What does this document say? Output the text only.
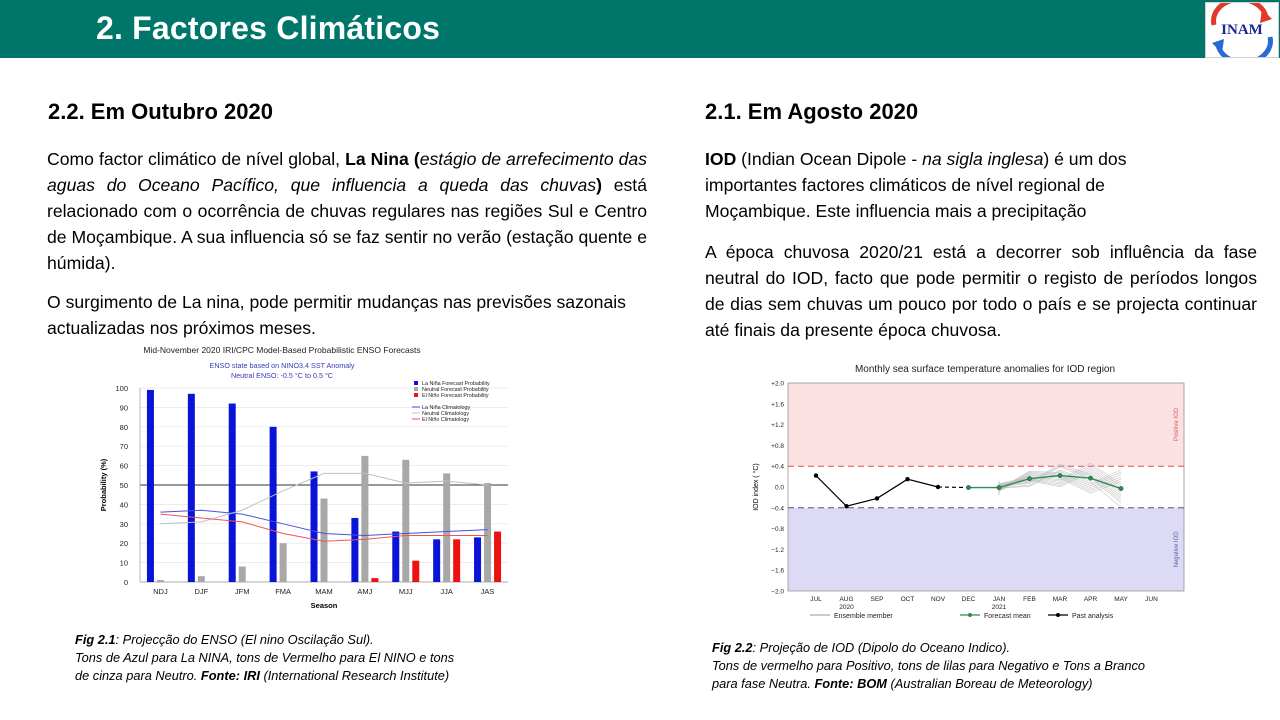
2. Factores Climáticos	INAM
2.2. Em Outubro 2020
Como factor climático de nível global, La Nina (estágio de arrefecimento das aguas do Oceano Pacífico, que influencia a queda das chuvas) está relacionado com o ocorrência de chuvas regulares nas regiões Sul e Centro de Moçambique. A sua influencia só se faz sentir no verão (estação quente e húmida).
O surgimento de La nina, pode permitir mudanças nas previsões sazonais actualizadas nos próximos meses.
Mid-November 2020 IRI/CPC Model-Based Probabilistic ENSO Forecasts
ENSO state based on NINO3.4 SST Anomaly
Neutral ENSO: -0.5 °C to 0.5 °C
0
10
20
30
40
50
60
70
80
90
100
Probability (%)
NDJ	DJF	JFM	FMA	MAM	AMJ	MJJ	JJA	JAS
Season
La Niña Forecast Probability
Neutral Forecast Probability
El Niño Forecast Probability
La Niña Climatology
Neutral Climatology
El Niño Climatology
Fig 2.1: Projecção do ENSO (El nino Oscilação Sul).
Tons de Azul para La NINA, tons de Vermelho para El NINO e tons
de cinza para Neutro. Fonte: IRI (International Research Institute)
2.1. Em Agosto 2020
IOD (Indian Ocean Dipole - na sigla inglesa) é um dos importantes factores climáticos de nível regional de Moçambique. Este influencia mais a precipitação
A época chuvosa 2020/21 está a decorrer sob influência da fase neutral do IOD, facto que pode permitir o registo de períodos longos de dias sem chuvas um pouco por todo o país e se projecta continuar até finais da presente época chuvosa.
Monthly sea surface temperature anomalies for IOD region
+2.0
+1.6
+1.2
+0.8
+0.4
0.0
−0.4
−0.8
−1.2
−1.6
−2.0
IOD index ( °C)
Positive IOD
Negative IOD
JUL	AUG	SEP	OCT	NOV	DEC	JAN	FEB	MAR	APR	MAY	JUN
2020	2021
Ensemble member	Forecast mean	Past analysis
Fig 2.2: Projeção de IOD (Dipolo do Oceano Indico).
Tons de vermelho para Positivo, tons de lilas para Negativo e Tons a Branco
para fase Neutra. Fonte: BOM (Australian Boreau de Meteorology)
